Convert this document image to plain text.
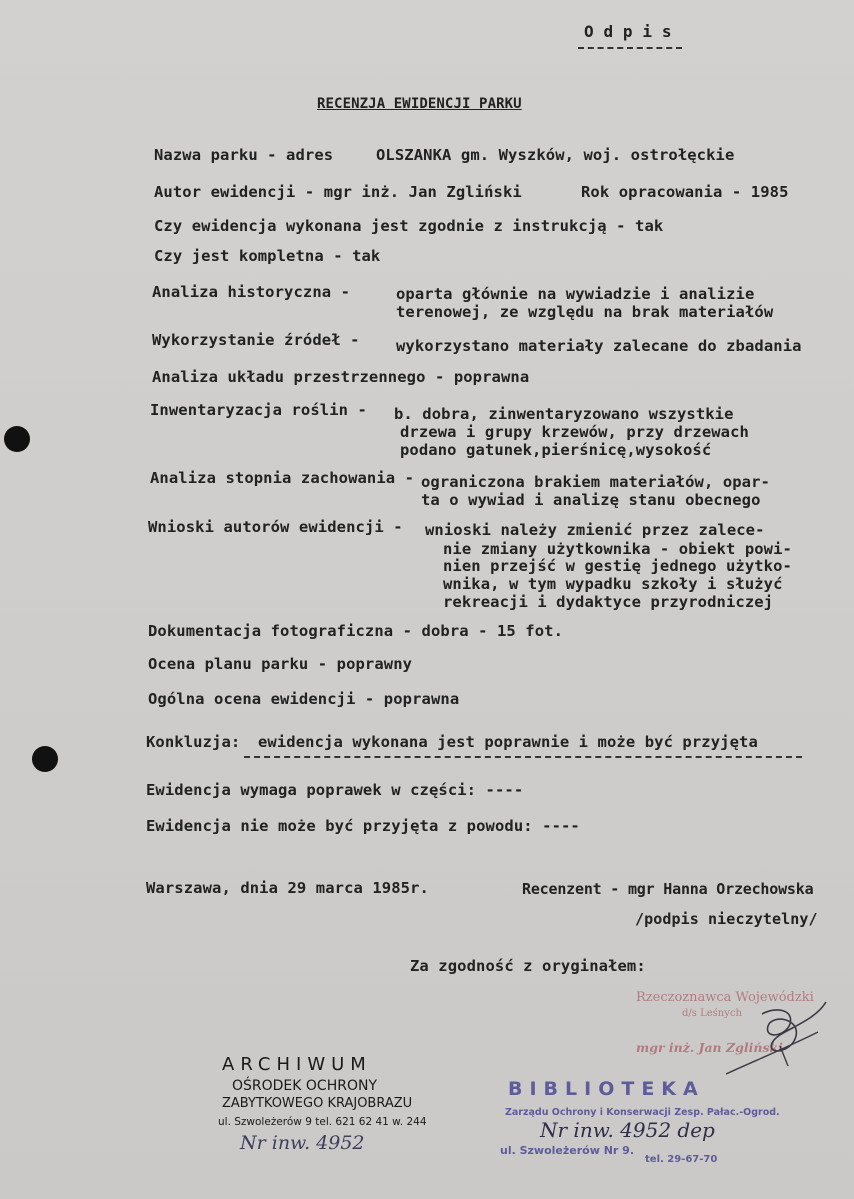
O d p i s
RECENZJA EWIDENCJI PARKU
Nazwa parku - adres	OLSZANKA gm. Wyszków, woj. ostrołęckie
Autor ewidencji - mgr inż. Jan Zgliński	Rok opracowania - 1985
Czy ewidencja wykonana jest zgodnie z instrukcją - tak
Czy jest kompletna - tak
Analiza historyczna -	oparta głównie na wywiadzie i analizie
terenowej, ze względu na brak materiałów
Wykorzystanie źródeł - wykorzystano materiały zalecane do zbadania
Analiza układu przestrzennego - poprawna
Inwentaryzacja roślin - b. dobra, zinwentaryzowano wszystkie
drzewa i grupy krzewów, przy drzewach
podano gatunek,pierśnicę,wysokość
Analiza stopnia zachowania - ograniczona brakiem materiałów, opar-
ta o wywiad i analizę stanu obecnego
Wnioski autorów ewidencji - wnioski należy zmienić przez zalece-
nie zmiany użytkownika - obiekt powi-
nien przejść w gestię jednego użytko-
wnika, w tym wypadku szkoły i służyć
rekreacji i dydaktyce przyrodniczej
Dokumentacja fotograficzna - dobra - 15 fot.
Ocena planu parku - poprawny
Ogólna ocena ewidencji - poprawna
Konkluzja: ewidencja wykonana jest poprawnie i może być przyjęta
Ewidencja wymaga poprawek w części: ----
Ewidencja nie może być przyjęta z powodu: ----
Warszawa, dnia 29 marca 1985r.	Recenzent - mgr Hanna Orzechowska
/podpis nieczytelny/
Za zgodność z oryginałem:
Rzeczoznawca Wojewódzki
d/s Leśnych
mgr inż. Jan Zgliński
ARCHIWUM
OŚRODEK OCHRONY
ZABYTKOWEGO KRAJOBRAZU
ul. Szwoleżerów 9 tel. 621 62 41 w. 244
Nr inw. 4952
BIBLIOTEKA
Zarządu Ochrony i Konserwacji Zesp. Pałac.-Ogrod.
ul. Szwoleżerów Nr 9.
tel. 29-67-70
Nr inw. 4952 dep
